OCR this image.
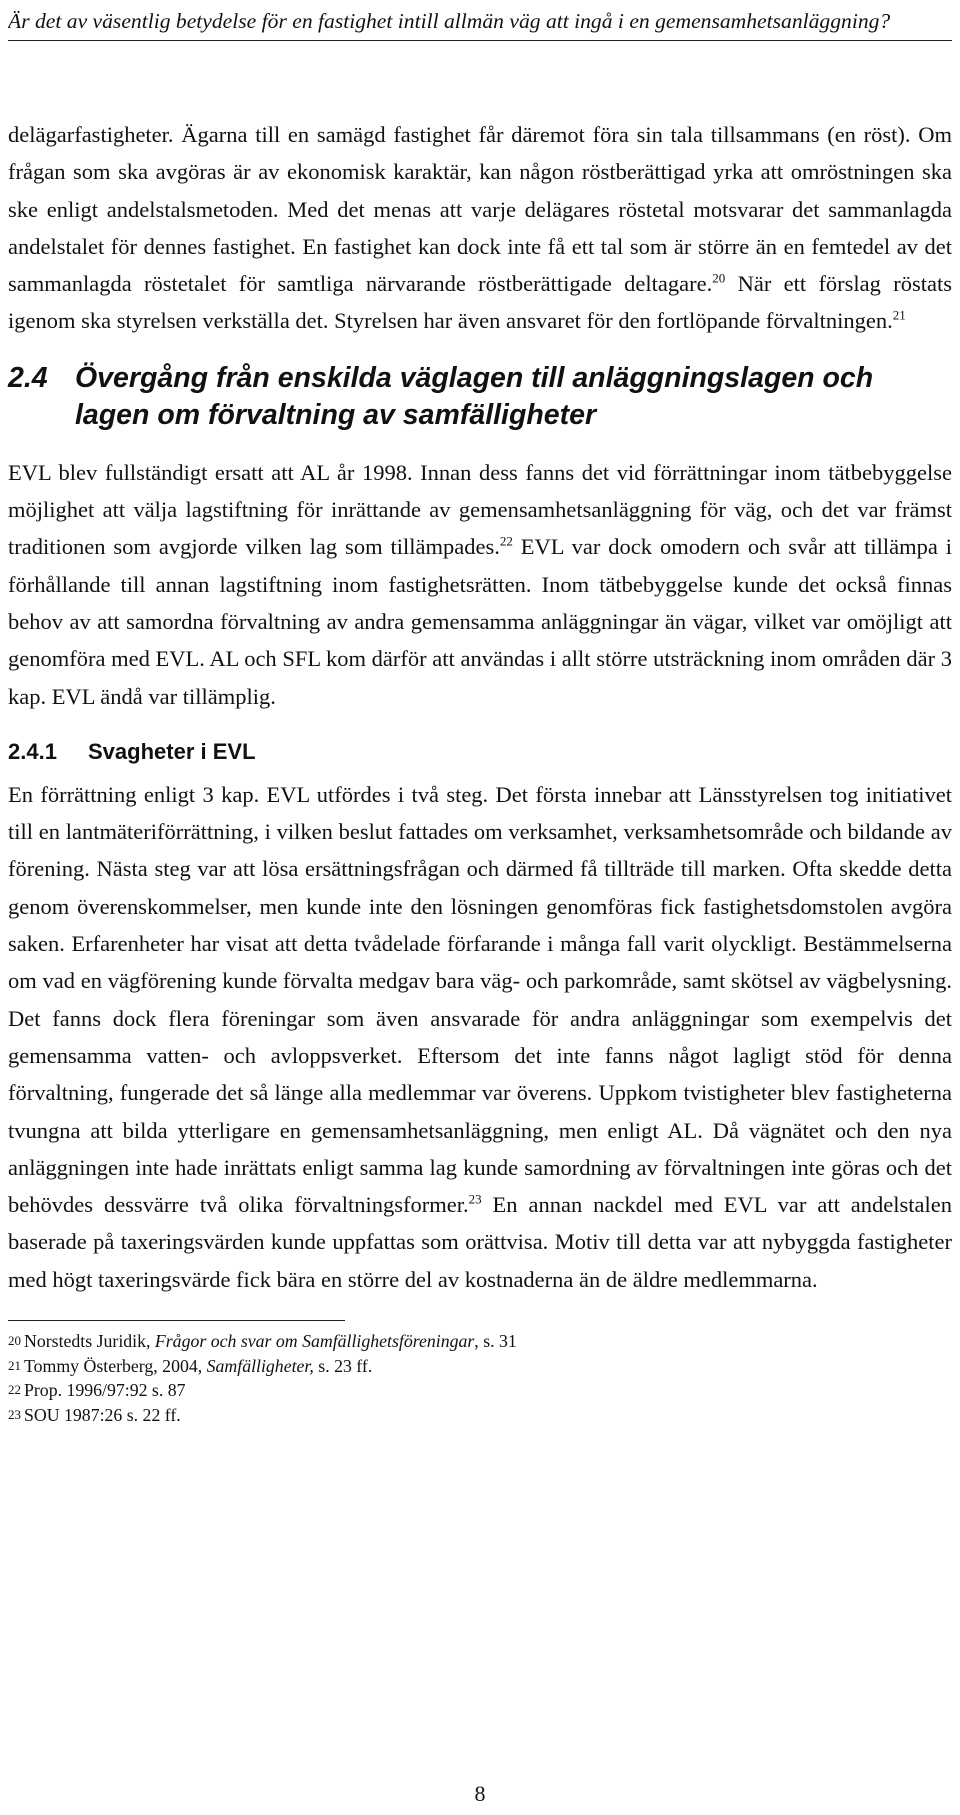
Är det av väsentlig betydelse för en fastighet intill allmän väg att ingå i en gemensamhetsanläggning?

delägarfastigheter. Ägarna till en samägd fastighet får däremot föra sin tala tillsammans (en röst). Om frågan som ska avgöras är av ekonomisk karaktär, kan någon röstberättigad yrka att omröstningen ska ske enligt andelstalsmetoden. Med det menas att varje delägares röstetal motsvarar det sammanlagda andelstalet för dennes fastighet. En fastighet kan dock inte få ett tal som är större än en femtedel av det sammanlagda röstetalet för samtliga närvarande röstberättigade deltagare.$^{20}$ När ett förslag röstats igenom ska styrelsen verkställa det. Styrelsen har även ansvaret för den fortlöpande förvaltningen.$^{21}$

2.4 Övergång från enskilda väglagen till anläggningslagen och lagen om förvaltning av samfälligheter

EVL blev fullständigt ersatt att AL år 1998. Innan dess fanns det vid förrättningar inom tätbebyggelse möjlighet att välja lagstiftning för inrättande av gemensamhetsanläggning för väg, och det var främst traditionen som avgjorde vilken lag som tillämpades.$^{22}$ EVL var dock omodern och svår att tillämpa i förhållande till annan lagstiftning inom fastighetsrätten. Inom tätbebyggelse kunde det också finnas behov av att samordna förvaltning av andra gemensamma anläggningar än vägar, vilket var omöjligt att genomföra med EVL. AL och SFL kom därför att användas i allt större utsträckning inom områden där 3 kap. EVL ändå var tillämplig.

2.4.1	Svagheter i EVL

En förrättning enligt 3 kap. EVL utfördes i två steg. Det första innebar att Länsstyrelsen tog initiativet till en lantmäteriförrättning, i vilken beslut fattades om verksamhet, verksamhetsområde och bildande av förening. Nästa steg var att lösa ersättningsfrågan och därmed få tillträde till marken. Ofta skedde detta genom överenskommelser, men kunde inte den lösningen genomföras fick fastighetsdomstolen avgöra saken. Erfarenheter har visat att detta tvådelade förfarande i många fall varit olyckligt. Bestämmelserna om vad en vägförening kunde förvalta medgav bara väg- och parkområde, samt skötsel av vägbelysning. Det fanns dock flera föreningar som även ansvarade för andra anläggningar som exempelvis det gemensamma vatten- och avloppsverket. Eftersom det inte fanns något lagligt stöd för denna förvaltning, fungerade det så länge alla medlemmar var överens. Uppkom tvistigheter blev fastigheterna tvungna att bilda ytterligare en gemensamhetsanläggning, men enligt AL. Då vägnätet och den nya anläggningen inte hade inrättats enligt samma lag kunde samordning av förvaltningen inte göras och det behövdes dessvärre två olika förvaltningsformer.$^{23}$ En annan nackdel med EVL var att andelstalen baserade på taxeringsvärden kunde uppfattas som orättvisa. Motiv till detta var att nybyggda fastigheter med högt taxeringsvärde fick bära en större del av kostnaderna än de äldre medlemmarna.

20 Norstedts Juridik, Frågor och svar om Samfällighetsföreningar, s. 31
21 Tommy Österberg, 2004, Samfälligheter, s. 23 ff.
22 Prop. 1996/97:92 s. 87
23 SOU 1987:26 s. 22 ff.
8
